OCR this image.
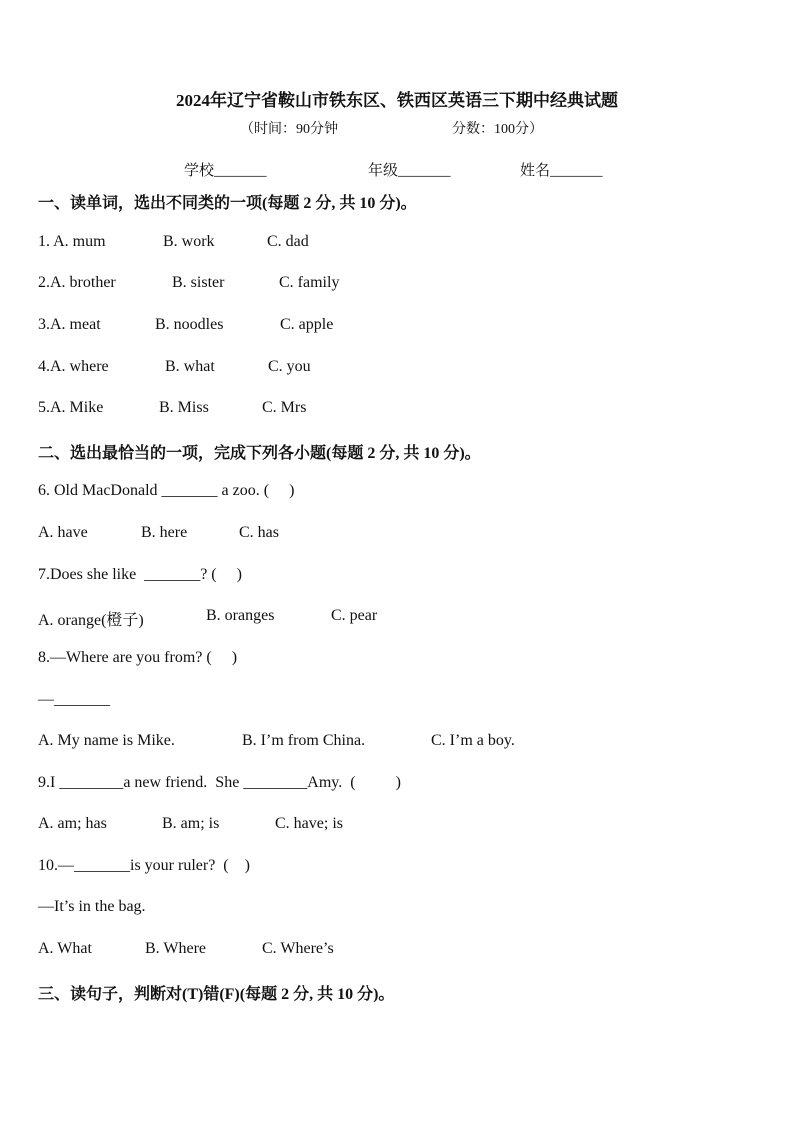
2024年辽宁省鞍山市铁东区、铁西区英语三下期中经典试题
（时间：90分钟	分数：100分）
学校_______	年级_______	姓名_______
一、读单词，选出不同类的一项(每题 2 分, 共 10 分)。

1. A. mum

	B. work

	C. dad

2.A. brother

	B. sister

	C. family

3.A. meat

	B. noodles

	C. apple

4.A. where

	B. what

	C. you

5.A. Mike

	B. Miss

	C. Mrs

二、选出最恰当的一项，完成下列各小题(每题 2 分, 共 10 分)。
6. Old MacDonald _______ a zoo. (     )

A. have

	B. here

	C. has

7.Does she like  _______? (     )

A. orange(橙子)

	B. oranges

	C. pear

8.—Where are you from? (     )
—_______

A. My name is Mike.

	B. I’m from China.

	C. I’m a boy.

9.I ________a new friend.  She ________Amy.  (          )

A. am; has

	B. am; is

	C. have; is

10.—_______is your ruler?  (    )
—It’s in the bag.

A. What

	B. Where

	C. Where’s

三、读句子，判断对(T)错(F)(每题 2 分, 共 10 分)。
